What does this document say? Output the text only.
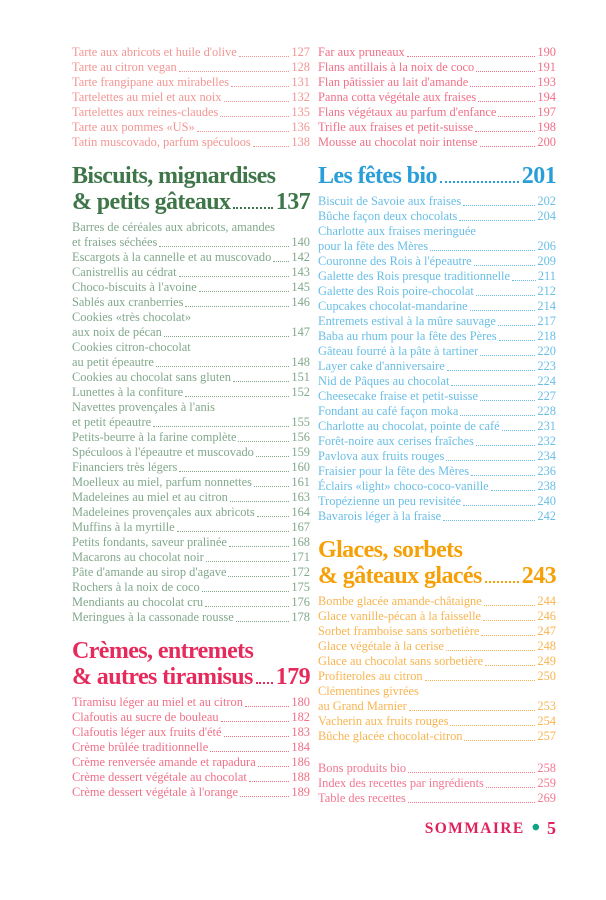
Tarte aux abricots et huile d'olive	127
Tarte au citron vegan	128
Tarte frangipane aux mirabelles	131
Tartelettes au miel et aux noix	132
Tartelettes aux reines-claudes	135
Tarte aux pommes «US»	136
Tatin muscovado, parfum spéculoos	138
Biscuits, mignardises
& petits gâteaux 137
Barres de céréales aux abricots, amandes
et fraises séchées	140
Escargots à la cannelle et au muscovado 142
Canistrellis au cédrat	143
Choco-biscuits à l'avoine	145
Sablés aux cranberries	146
Cookies «très chocolat»
aux noix de pécan	147
Cookies citron-chocolat
au petit épeautre	148
Cookies au chocolat sans gluten	151
Lunettes à la confiture	152
Navettes provençales à l'anis
et petit épeautre	155
Petits-beurre à la farine complète	156
Spéculoos à l'épeautre et muscovado	159
Financiers très légers	160
Moelleux au miel, parfum nonnettes	161
Madeleines au miel et au citron	163
Madeleines provençales aux abricots	164
Muffins à la myrtille	167
Petits fondants, saveur pralinée	168
Macarons au chocolat noir	171
Pâte d'amande au sirop d'agave	172
Rochers à la noix de coco	175
Mendiants au chocolat cru	176
Meringues à la cassonade rousse	178
Crèmes, entremets
& autres tiramisus 179
Tiramisu léger au miel et au citron	180
Clafoutis au sucre de bouleau	182
Clafoutis léger aux fruits d'été	183
Crème brûlée traditionnelle	184
Crème renversée amande et rapadura	186
Crème dessert végétale au chocolat	188
Crème dessert végétale à l'orange	189
Far aux pruneaux	190
Flans antillais à la noix de coco	191
Flan pâtissier au lait d'amande	193
Panna cotta végétale aux fraises	194
Flans végétaux au parfum d'enfance	197
Trifle aux fraises et petit-suisse	198
Mousse au chocolat noir intense	200
Les fêtes bio	201
Biscuit de Savoie aux fraises	202
Bûche façon deux chocolats	204
Charlotte aux fraises meringuée
pour la fête des Mères	206
Couronne des Rois à l'épeautre	209
Galette des Rois presque traditionnelle 211
Galette des Rois poire-chocolat	212
Cupcakes chocolat-mandarine	214
Entremets estival à la mûre sauvage	217
Baba au rhum pour la fête des Pères	218
Gâteau fourré à la pâte à tartiner	220
Layer cake d'anniversaire	223
Nid de Pâques au chocolat	224
Cheesecake fraise et petit-suisse	227
Fondant au café façon moka	228
Charlotte au chocolat, pointe de café	231
Forêt-noire aux cerises fraîches	232
Pavlova aux fruits rouges	234
Fraisier pour la fête des Mères	236
Éclairs «light» choco-coco-vanille	238
Tropézienne un peu revisitée	240
Bavarois léger à la fraise	242
Glaces, sorbets
& gâteaux glacés 243
Bombe glacée amande-châtaigne	244
Glace vanille-pécan à la faisselle	246
Sorbet framboise sans sorbetière	247
Glace végétale à la cerise	248
Glace au chocolat sans sorbetière	249
Profiteroles au citron	250
Clémentines givrées
au Grand Marnier	253
Vacherin aux fruits rouges	254
Bûche glacée chocolat-citron	257
Bons produits bio	258
Index des recettes par ingrédients	259
Table des recettes	269
SOMMAIRE • 5
